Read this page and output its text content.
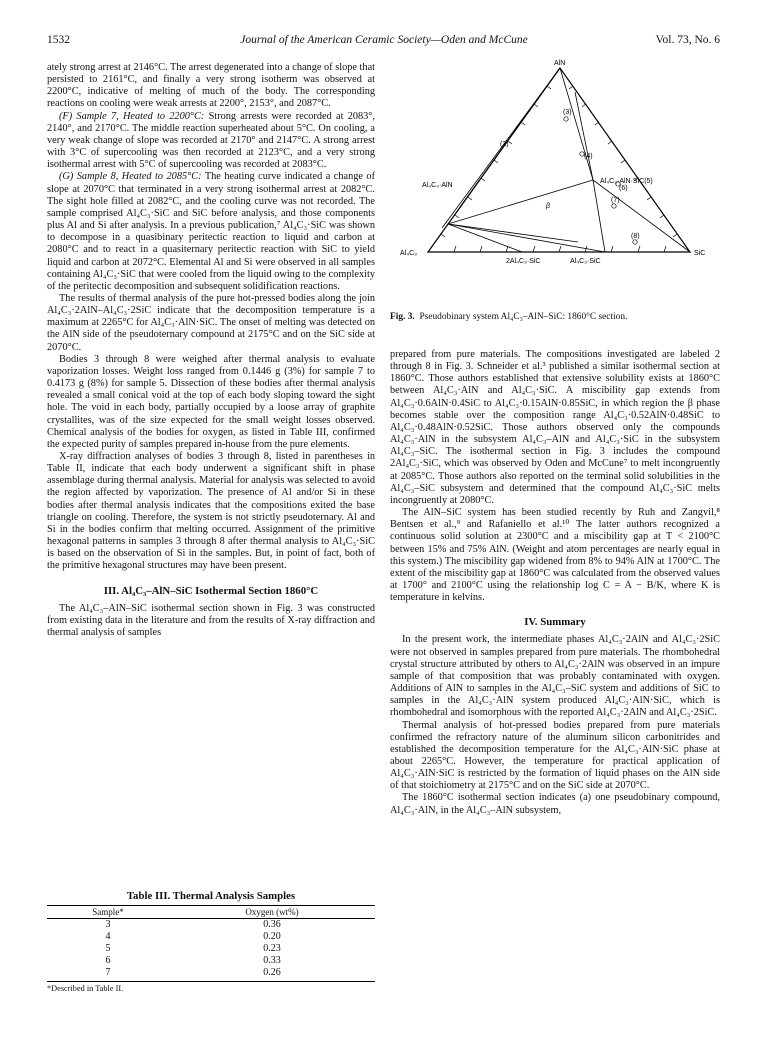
1532	Journal of the American Ceramic Society—Oden and McCune	Vol. 73, No. 6

ately strong arrest at 2146°C. The arrest degenerated into a change of slope that persisted to 2161°C, and finally a very strong isotherm was observed at 2200°C, indicative of melting of much of the body. The corresponding reactions on cooling were weak arrests at 2200°, 2153°, and 2087°C.

(F) Sample 7, Heated to 2200°C: Strong arrests were recorded at 2083°, 2140°, and 2170°C. The middle reaction superheated about 5°C. On cooling, a very weak change of slope was recorded at 2170° and 2147°C. A strong arrest with 3°C of supercooling was then recorded at 2123°C, and a very strong isothermal arrest with 5°C of supercooling was recorded at 2083°C.

(G) Sample 8, Heated to 2085°C: The heating curve indicated a change of slope at 2070°C that terminated in a very strong isothermal arrest at 2082°C. The sight hole filled at 2082°C, and the cooling curve was not recorded. The sample comprised Al₄C₃·SiC and SiC before analysis, and those components plus Al and Si after analysis. In a previous publication,⁷ Al₄C₃·SiC was shown to decompose in a quasibinary peritectic reaction to liquid and carbon at 2080°C and to react in a quasiternary peritectic reaction with SiC to yield liquid and carbon at 2072°C. Elemental Al and Si were observed in all samples containing Al₄C₃·SiC that were cooled from the liquid owing to the complexity of the peritectic decomposition and subsequent solidification reactions.

The results of thermal analysis of the pure hot-pressed bodies along the join Al₄C₃·2AlN–Al₄C₃·2SiC indicate that the decomposition temperature is a maximum at 2265°C for Al₄C₃·AlN·SiC. The onset of melting was detected on the AlN side of the pseudoternary compound at 2175°C and on the SiC side at 2070°C.

Bodies 3 through 8 were weighed after thermal analysis to evaluate vaporization losses. Weight loss ranged from 0.1446 g (3%) for sample 7 to 0.4173 g (8%) for sample 5. Dissection of these bodies after thermal analysis revealed a small conical void at the top of each body sloping toward the sight hole. The void in each body, partially occupied by a loose array of graphite crystallites, was of the size expected for the small weight losses observed. Chemical analysis of the bodies for oxygen, as listed in Table III, confirmed the expected purity of samples prepared in-house from the pure elements.

X-ray diffraction analyses of bodies 3 through 8, listed in parentheses in Table II, indicate that each body underwent a significant shift in phase assemblage during thermal analysis. Material for analysis was selected to avoid the region affected by vaporization. The presence of Al and/or Si in these bodies after thermal analysis indicates that the compositions exited the base triangle on cooling. Therefore, the system is not strictly pseudoternary. Al and Si in the bodies confirm that melting occurred. Assignment of the primitive hexagonal patterns in samples 3 through 8 after thermal analysis to Al₄C₃·SiC is based on the observation of Si in the samples. But, in point of fact, both of the primitive hexagonal structures may have been present.

III. Al₄C₃–AlN–SiC Isothermal Section 1860°C

The Al₄C₃–AlN–SiC isothermal section shown in Fig. 3 was constructed from existing data in the literature and from the results of X-ray diffraction and thermal analysis of samples

AlN
Al₄C₃	SiC
Al₄C₃·AlN
Al₄C₃·AlN·SiC(5)
2Al₄C₃·SiC	Al₄C₃·SiC
β
(2)
(3)
(4)
(6)
(7)
(8)
Fig. 3. Pseudobinary system Al₄C₃–AlN–SiC: 1860°C section.

prepared from pure materials. The compositions investigated are labeled 2 through 8 in Fig. 3. Schneider et al.³ published a similar isothermal section at 1860°C. Those authors established that extensive solubility exists at 1860°C between Al₄C₃·AlN and Al₄C₃·SiC. A miscibility gap extends from Al₄C₃·0.6AlN·0.4SiC to Al₄C₃·0.15AlN·0.85SiC, in which region the β phase becomes stable over the composition range Al₄C₃·0.52AlN·0.48SiC to Al₄C₃·0.48AlN·0.52SiC. Those authors observed only the compounds Al₄C₃·AlN in the subsystem Al₄C₃–AlN and Al₄C₃·SiC in the subsystem Al₄C₃–SiC. The isothermal section in Fig. 3 includes the compound 2Al₄C₃·SiC, which was observed by Oden and McCune⁷ to melt incongruently at 2085°C. Those authors also reported on the terminal solid solubilities in the Al₄C₃–SiC subsystem and determined that the compound Al₄C₃·SiC melts incongruently at 2080°C.

The AlN–SiC system has been studied recently by Ruh and Zangvil,⁸ Bentsen et al.,⁹ and Rafaniello et al.¹⁰ The latter authors recognized a continuous solid solution at 2300°C and a miscibility gap at T < 2100°C between 15% and 75% AlN. (Weight and atom percentages are nearly equal in this system.) The miscibility gap widened from 8% to 94% AlN at 1700°C. The extent of the miscibility gap at 1860°C was calculated from the observed values at 1700° and 2100°C using the relationship log C = A − B/K, where K is temperature in kelvins.

IV. Summary

In the present work, the intermediate phases Al₄C₃·2AlN and Al₄C₃·2SiC were not observed in samples prepared from pure materials. The rhombohedral crystal structure attributed by others to Al₄C₃·2AlN was observed in an impure sample of that composition that was probably contaminated with oxygen. Additions of AlN to samples in the Al₄C₃–SiC system and additions of SiC to samples in the Al₄C₃·AlN system produced Al₄C₃·AlN·SiC, which is rhombohedral and isomorphous with the reported Al₄C₃·2AlN and Al₄C₃·2SiC.

Thermal analysis of hot-pressed bodies prepared from pure materials confirmed the refractory nature of the aluminum silicon carbonitrides and established the decomposition temperature for the Al₄C₃·AlN·SiC phase at about 2265°C. However, the temperature for practical application of Al₄C₃·AlN·SiC is restricted by the formation of liquid phases on the AlN side of that stoichiometry at 2175°C and on the SiC side at 2070°C.

The 1860°C isothermal section indicates (a) one pseudobinary compound, Al₄C₃·AlN, in the Al₄C₃–AlN subsystem,

Table III. Thermal Analysis Samples
Sample*	Oxygen (wt%)
3	0.36
4	0.20
5	0.23
6	0.33
7	0.26
*Described in Table II.
